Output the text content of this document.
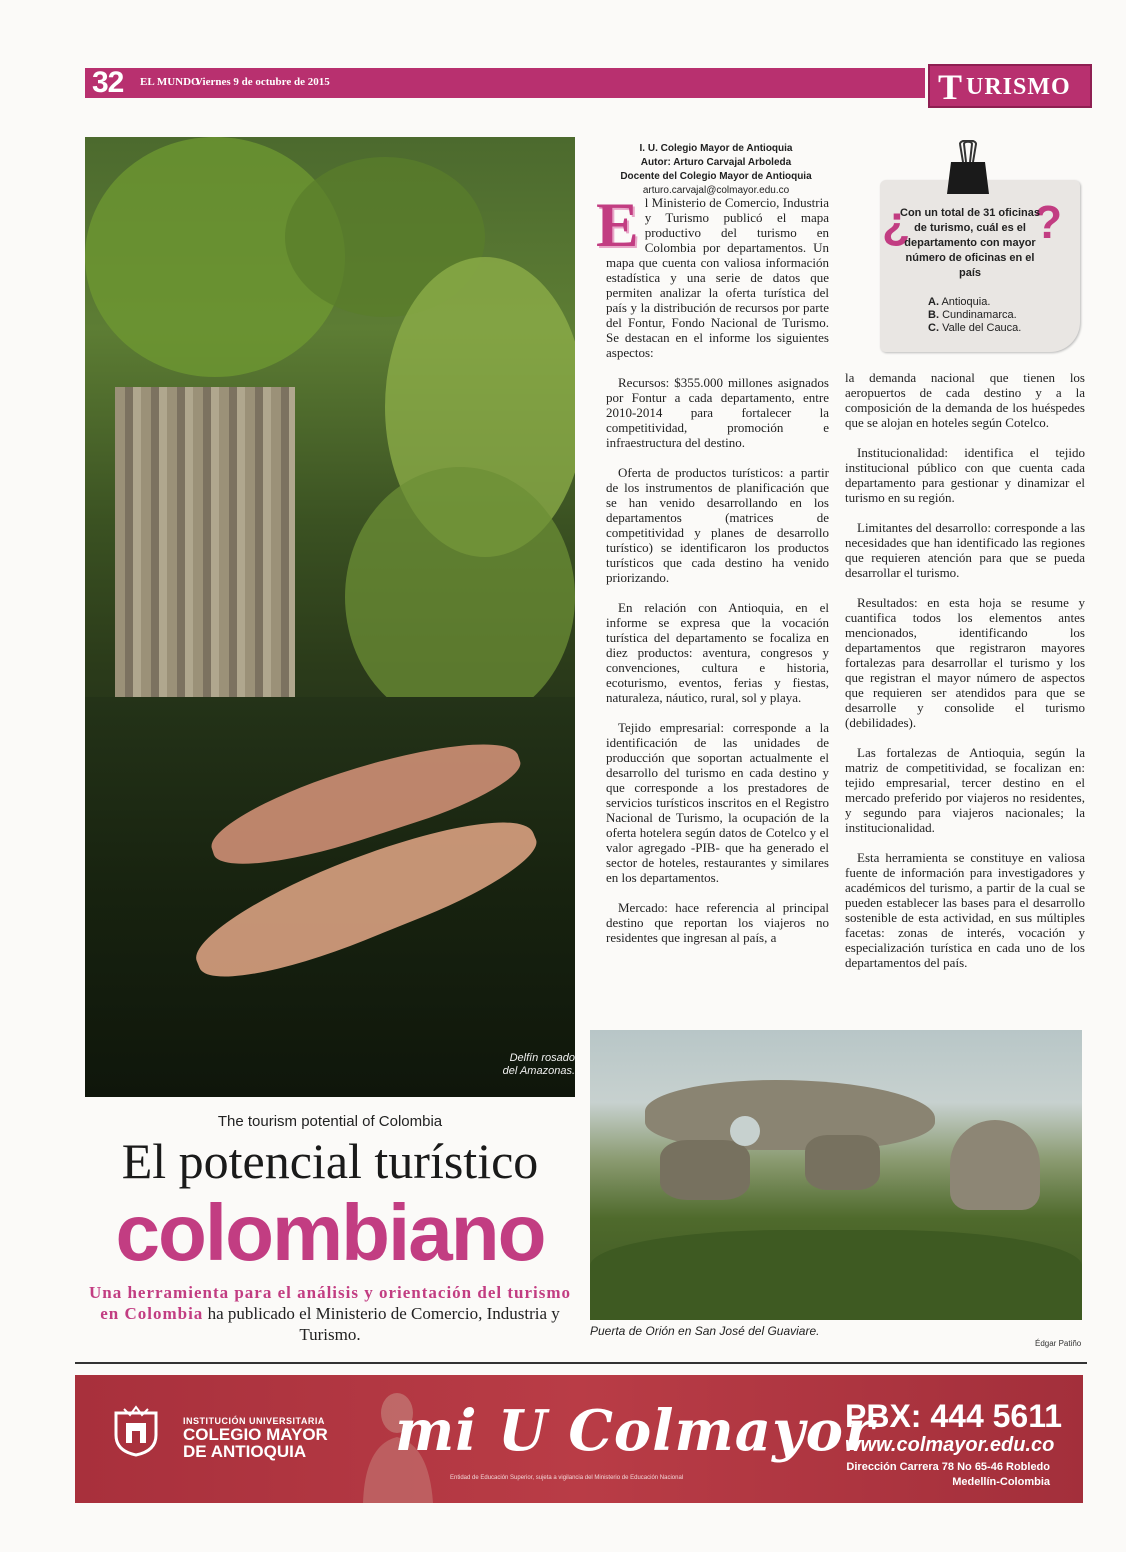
32 EL MUNDO
Viernes 9 de octubre de 2015	T URISMO
Delfín rosado
del Amazonas.
The tourism potential of Colombia
El potencial turístico
colombiano
Una herramienta para el análisis y orientación del turismo en Colombia ha publicado el Ministerio de Comercio, Industria y Turismo.
I. U. Colegio Mayor de Antioquia
Autor: Arturo Carvajal Arboleda
Docente del Colegio Mayor de Antioquia
arturo.carvajal@colmayor.edu.co

El Ministerio de Comercio, Industria y Turismo publicó el mapa productivo del turismo en Colombia por departamentos. Un mapa que cuenta con valiosa información estadística y una serie de datos que permiten analizar la oferta turística del país y la distribución de recursos por parte del Fontur, Fondo Nacional de Turismo. Se destacan en el informe los siguientes aspectos:

Recursos: $355.000 millones asignados por Fontur a cada departamento, entre 2010-2014 para fortalecer la competitividad, promoción e infraestructura del destino.

Oferta de productos turísticos: a partir de los instrumentos de planificación que se han venido desarrollando en los departamentos (matrices de competitividad y planes de desarrollo turístico) se identificaron los productos turísticos que cada destino ha venido priorizando.

En relación con Antioquia, en el informe se expresa que la vocación turística del departamento se focaliza en diez productos: aventura, congresos y convenciones, cultura e historia, ecoturismo, eventos, ferias y fiestas, naturaleza, náutico, rural, sol y playa.

Tejido empresarial: corresponde a la identificación de las unidades de producción que soportan actualmente el desarrollo del turismo en cada destino y que corresponde a los prestadores de servicios turísticos inscritos en el Registro Nacional de Turismo, la ocupación de la oferta hotelera según datos de Cotelco y el valor agregado -PIB- que ha generado el sector de hoteles, restaurantes y similares en los departamentos.

Mercado: hace referencia al principal destino que reportan los viajeros no residentes que ingresan al país, a

¿	?
Con un total de 31 oficinas de turismo, cuál es el departamento con mayor número de oficinas en el país
A. Antioquia.
B. Cundinamarca.
C. Valle del Cauca.

la demanda nacional que tienen los aeropuertos de cada destino y a la composición de la demanda de los huéspedes que se alojan en hoteles según Cotelco.

Institucionalidad: identifica el tejido institucional público con que cuenta cada departamento para gestionar y dinamizar el turismo en su región.

Limitantes del desarrollo: corresponde a las necesidades que han identificado las regiones que requieren atención para que se pueda desarrollar el turismo.

Resultados: en esta hoja se resume y cuantifica todos los elementos antes mencionados, identificando los departamentos que registraron mayores fortalezas para desarrollar el turismo y los que registran el mayor número de aspectos que requieren ser atendidos para que se desarrolle y consolide el turismo (debilidades).

Las fortalezas de Antioquia, según la matriz de competitividad, se focalizan en: tejido empresarial, tercer destino en el mercado preferido por viajeros no residentes, y segundo para viajeros nacionales; la institucionalidad.

Esta herramienta se constituye en valiosa fuente de información para investigadores y académicos del turismo, a partir de la cual se pueden establecer las bases para el desarrollo sostenible de esta actividad, en sus múltiples facetas: zonas de interés, vocación y especialización turística en cada uno de los departamentos del país.

Puerta de Orión en San José del Guaviare.
Édgar Patiño
INSTITUCIÓN UNIVERSITARIA
COLEGIO MAYOR
DE ANTIOQUIA	mi U Colmayor
Entidad de Educación Superior, sujeta a vigilancia del Ministerio de Educación Nacional
PBX: 444 5611
www.colmayor.edu.co
Dirección Carrera 78 No 65-46 Robledo
Medellín-Colombia
